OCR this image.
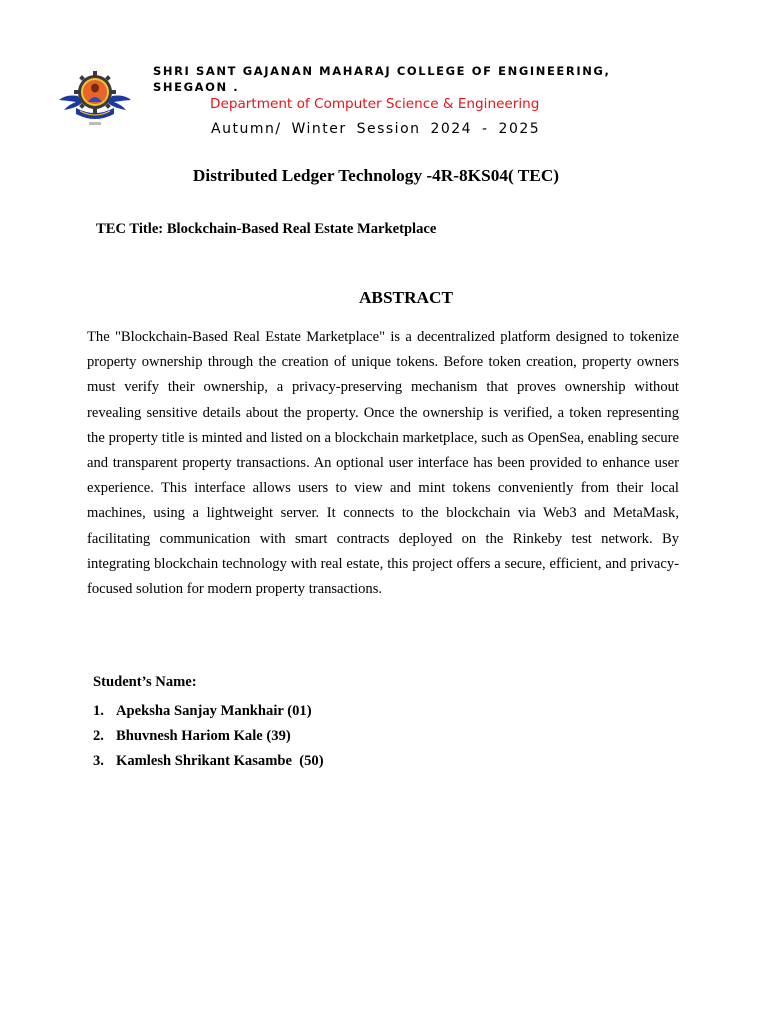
SHRI SANT GAJANAN MAHARAJ COLLEGE OF ENGINEERING, SHEGAON .
Department of Computer Science & Engineering
Autumn/ Winter Session 2024 - 2025
Distributed Ledger Technology -4R-8KS04( TEC)
TEC Title: Blockchain-Based Real Estate Marketplace
ABSTRACT

The "Blockchain-Based Real Estate Marketplace" is a decentralized platform designed to tokenize property ownership through the creation of unique tokens. Before token creation, property owners must verify their ownership, a privacy-preserving mechanism that proves ownership without revealing sensitive details about the property. Once the ownership is verified, a token representing the property title is minted and listed on a blockchain marketplace, such as OpenSea, enabling secure and transparent property transactions. An optional user interface has been provided to enhance user experience. This interface allows users to view and mint tokens conveniently from their local machines, using a lightweight server. It connects to the blockchain via Web3 and MetaMask, facilitating communication with smart contracts deployed on the Rinkeby test network. By integrating blockchain technology with real estate, this project offers a secure, efficient, and privacy-focused solution for modern property transactions.

Student’s Name:
1. Apeksha Sanjay Mankhair (01)
2. Bhuvnesh Hariom Kale (39)
3. Kamlesh Shrikant Kasambe  (50)
